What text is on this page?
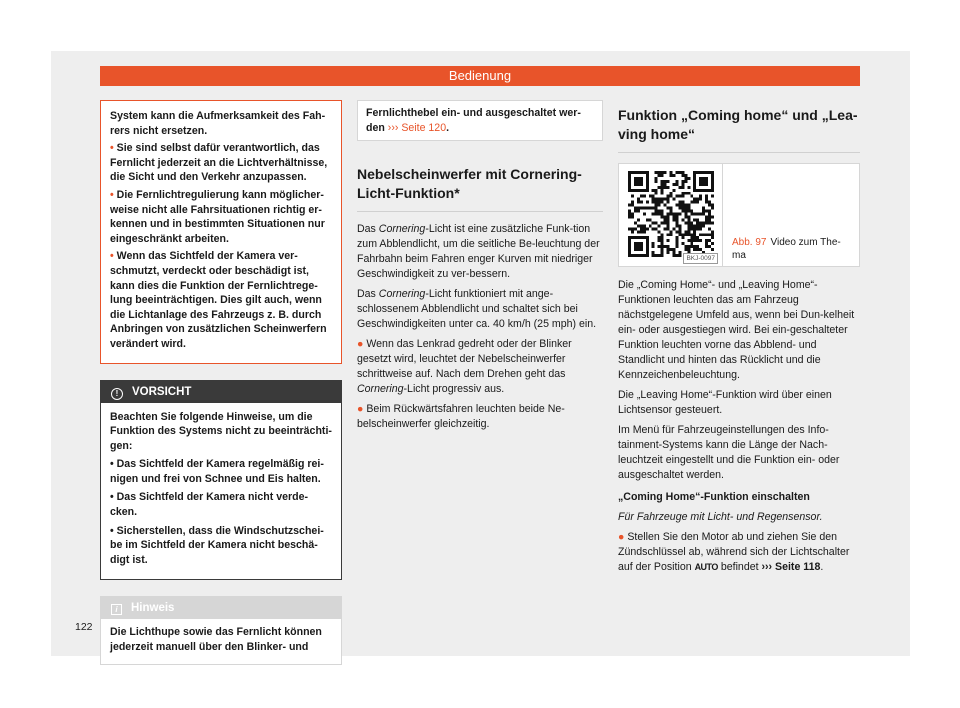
Bedienung

System kann die Aufmerksamkeit des Fah-rers nicht ersetzen.

• Sie sind selbst dafür verantwortlich, das Fernlicht jederzeit an die Lichtverhältnisse, die Sicht und den Verkehr anzupassen.

• Die Fernlichtregulierung kann möglicher-weise nicht alle Fahrsituationen richtig er-kennen und in bestimmten Situationen nur eingeschränkt arbeiten.

• Wenn das Sichtfeld der Kamera ver-schmutzt, verdeckt oder beschädigt ist, kann dies die Funktion der Fernlichtrege-lung beeinträchtigen. Dies gilt auch, wenn die Lichtanlage des Fahrzeugs z. B. durch Anbringen von zusätzlichen Scheinwerfern verändert wird.

! VORSICHT

Beachten Sie folgende Hinweise, um die Funktion des Systems nicht zu beeinträchti-gen:

• Das Sichtfeld der Kamera regelmäßig rei-nigen und frei von Schnee und Eis halten.

• Das Sichtfeld der Kamera nicht verde-cken.

• Sicherstellen, dass die Windschutzschei-be im Sichtfeld der Kamera nicht beschä-digt ist.

i Hinweis

Die Lichthupe sowie das Fernlicht können jederzeit manuell über den Blinker- und

Fernlichthebel ein- und ausgeschaltet wer-den ››› Seite 120.

Nebelscheinwerfer mit Cornering-Licht-Funktion*

Das Cornering-Licht ist eine zusätzliche Funk-tion zum Abblendlicht, um die seitliche Be-leuchtung der Fahrbahn beim Fahren enger Kurven mit niedriger Geschwindigkeit zu ver-bessern.

Das Cornering-Licht funktioniert mit ange-schlossenem Abblendlicht und schaltet sich bei Geschwindigkeiten unter ca. 40 km/h (25 mph) ein.

● Wenn das Lenkrad gedreht oder der Blinker gesetzt wird, leuchtet der Nebelscheinwerfer schrittweise auf. Nach dem Drehen geht das Cornering-Licht progressiv aus.

● Beim Rückwärtsfahren leuchten beide Ne-belscheinwerfer gleichzeitig.

Funktion „Coming home“ und „Lea-ving home“
BKJ-0097
Abb. 97 Video zum The-ma

Die „Coming Home“- und „Leaving Home“-Funktionen leuchten das am Fahrzeug nächstgelegene Umfeld aus, wenn bei Dun-kelheit ein- oder ausgestiegen wird. Bei ein-geschalteter Funktion leuchten vorne das Abblend- und Standlicht und hinten das Rücklicht und die Kennzeichenbeleuchtung.

Die „Leaving Home“-Funktion wird über einen Lichtsensor gesteuert.

Im Menü für Fahrzeugeinstellungen des Info-tainment-Systems kann die Länge der Nach-leuchtzeit eingestellt und die Funktion ein- oder ausgeschaltet werden.

„Coming Home“-Funktion einschalten

Für Fahrzeuge mit Licht- und Regensensor.

● Stellen Sie den Motor ab und ziehen Sie den Zündschlüssel ab, während sich der Lichtschalter auf der Position AUTO befindet ››› Seite 118.

122
